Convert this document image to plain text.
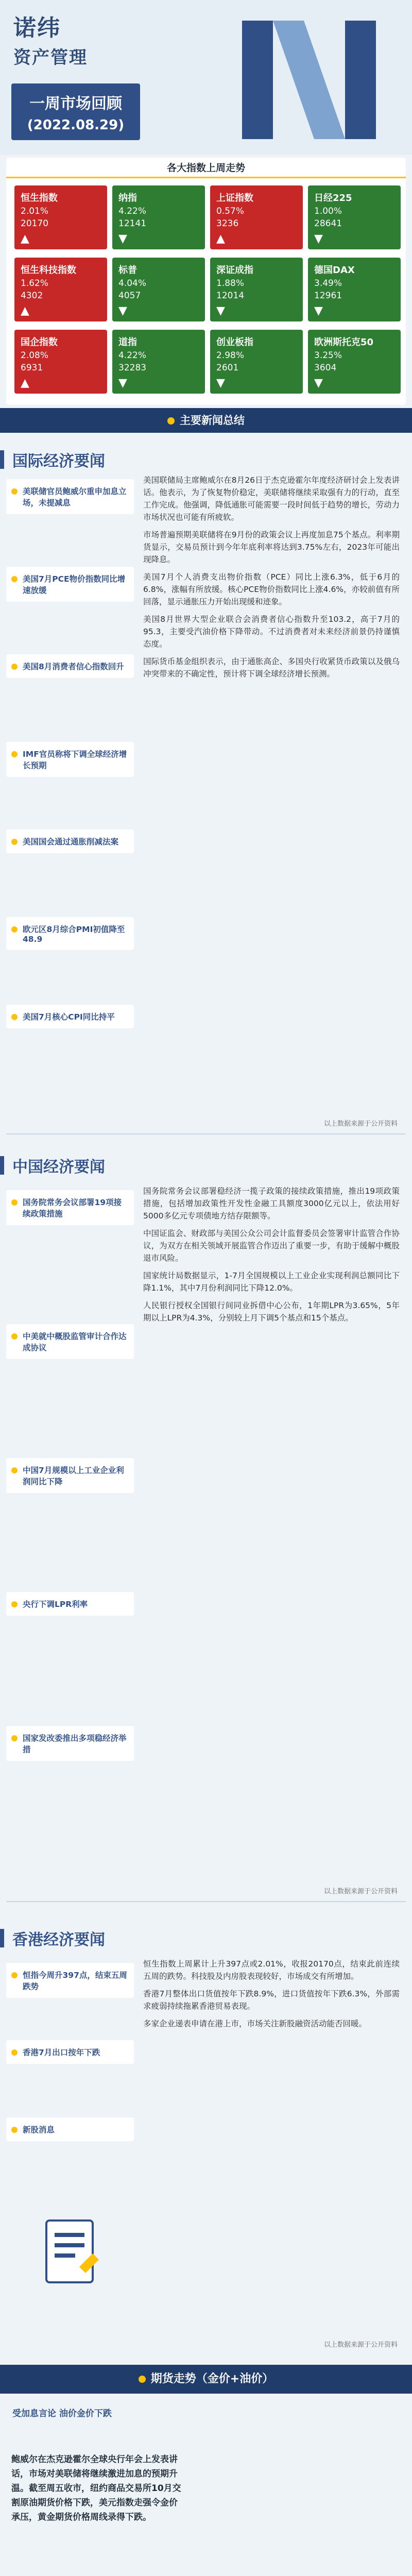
诺纬
资产管理
一周市场回顾
(2022.08.29)
各大指数上周走势
恒生指数
2.01%
20170
▲
恒生科技指数
1.62%
4302
▲
国企指数
2.08%
6931
▲
纳指
4.22%
12141
▼
标普
4.04%
4057
▼
道指
4.22%
32283
▼
上证指数
0.57%
3236
▲
深证成指
1.88%
12014
▼
创业板指
2.98%
2601
▼
日经225
1.00%
28641
▼
德国DAX
3.49%
12961
▼
欧洲斯托克50
3.25%
3604
▼
主要新闻总结
国际经济要闻
美联储官员鲍威尔重申加息立场，未提减息
美国7月PCE物价指数同比增速放缓
美国8月消费者信心指数回升
IMF官员称将下调全球经济增长预期
美国国会通过通胀削减法案
欧元区8月综合PMI初值降至48.9
美国7月核心CPI同比持平

美国联储局主席鲍威尔在8月26日于杰克逊霍尔年度经济研讨会上发表讲话。他表示，为了恢复物价稳定，美联储将继续采取强有力的行动，直至工作完成。他强调，降低通胀可能需要一段时间低于趋势的增长，劳动力市场状况也可能有所疲软。

市场普遍预期美联储将在9月份的政策会议上再度加息75个基点。利率期货显示，交易员预计到今年年底利率将达到3.75%左右，2023年可能出现降息。

美国7月个人消费支出物价指数（PCE）同比上涨6.3%，低于6月的6.8%，涨幅有所放缓。核心PCE物价指数同比上涨4.6%，亦较前值有所回落，显示通胀压力开始出现缓和迹象。

美国8月世界大型企业联合会消费者信心指数升至103.2，高于7月的95.3，主要受汽油价格下降带动。不过消费者对未来经济前景仍持谨慎态度。

国际货币基金组织表示，由于通胀高企、多国央行收紧货币政策以及俄乌冲突带来的不确定性，预计将下调全球经济增长预测。

以上数据来源于公开资料
中国经济要闻
国务院常务会议部署19项接续政策措施
中美就中概股监管审计合作达成协议
中国7月规模以上工业企业利润同比下降
央行下调LPR利率
国家发改委推出多项稳经济举措

国务院常务会议部署稳经济一揽子政策的接续政策措施，推出19项政策措施，包括增加政策性开发性金融工具额度3000亿元以上，依法用好5000多亿元专项债地方结存限额等。

中国证监会、财政部与美国公众公司会计监督委员会签署审计监管合作协议，为双方在相关领域开展监管合作迈出了重要一步，有助于缓解中概股退市风险。

国家统计局数据显示，1-7月全国规模以上工业企业实现利润总额同比下降1.1%，其中7月份利润同比下降12.0%。

人民银行授权全国银行间同业拆借中心公布，1年期LPR为3.65%，5年期以上LPR为4.3%，分别较上月下调5个基点和15个基点。

以上数据来源于公开资料
香港经济要闻
恒指今周升397点，结束五周跌势
香港7月出口按年下跌
新股消息

恒生指数上周累计上升397点或2.01%，收报20170点，结束此前连续五周的跌势。科技股及内房股表现较好，市场成交有所增加。

香港7月整体出口货值按年下跌8.9%，进口货值按年下跌6.3%，外部需求疲弱持续拖累香港贸易表现。

多家企业递表申请在港上市，市场关注新股融资活动能否回暖。

以上数据来源于公开资料
期货走势（金价+油价）
受加息言论 油价金价下跌
鲍威尔在杰克逊霍尔全球央行年会上发表讲话，市场对美联储将继续激进加息的预期升温。截至周五收市，纽约商品交易所10月交割原油期货价格下跌，美元指数走强令金价承压，黄金期货价格周线录得下跌。
